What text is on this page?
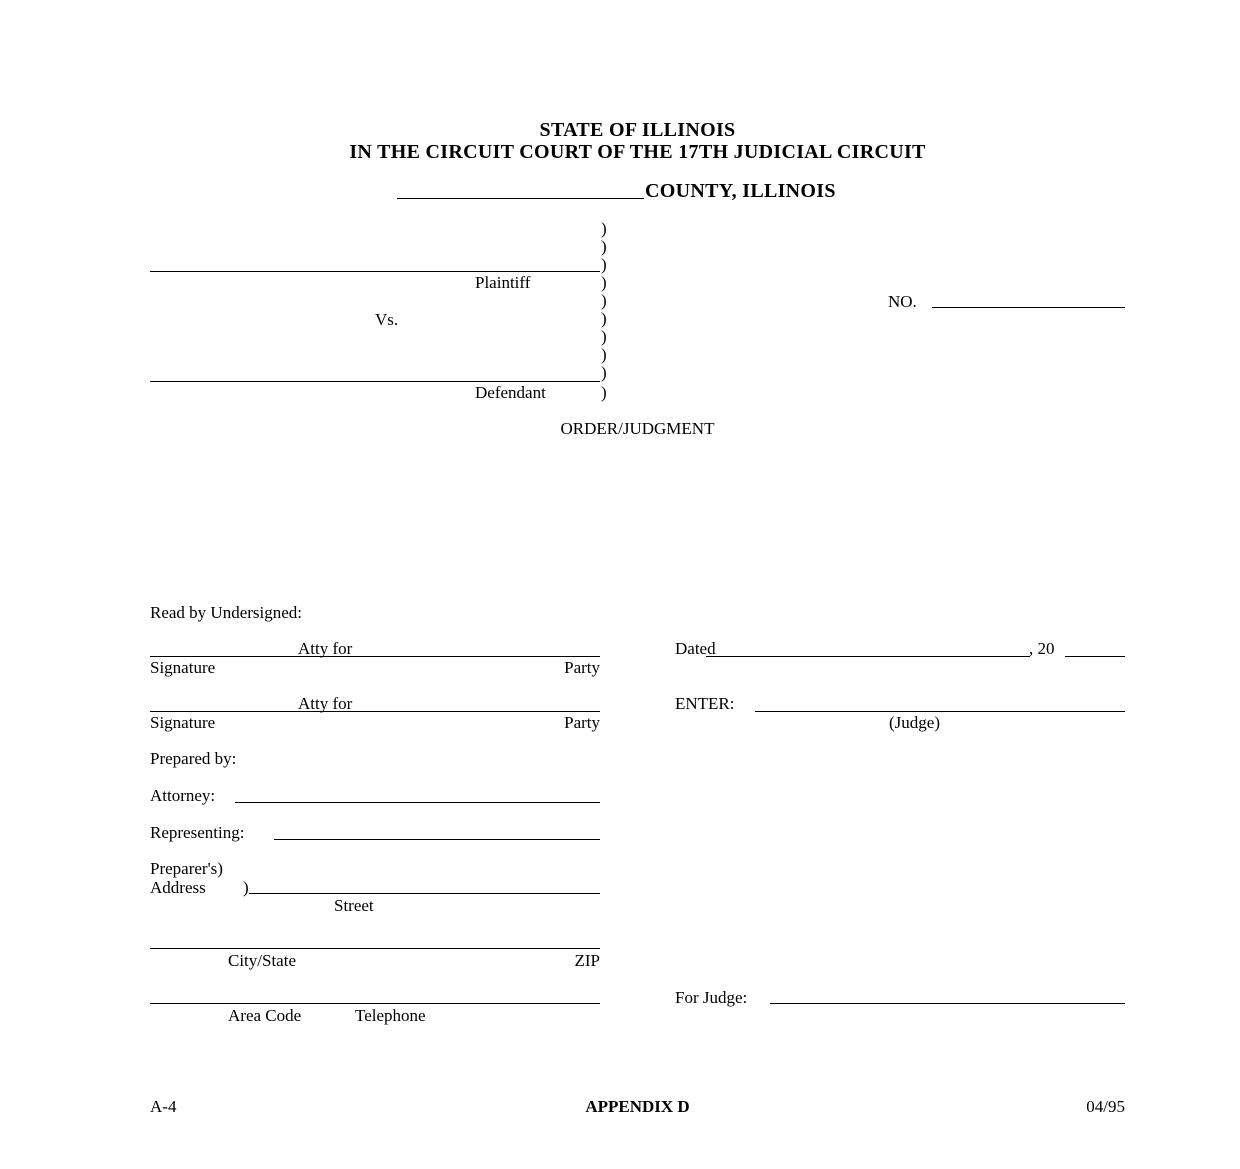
STATE OF ILLINOIS
IN THE CIRCUIT COURT OF THE 17TH JUDICIAL CIRCUIT
COUNTY, ILLINOIS
)
)
)
)
)
)
)
)
)
)
Plaintiff
Vs.
Defendant
NO.
ORDER/JUDGMENT
Read by Undersigned:
Atty for
Signature	Party
Atty for
Signature	Party
Dated	, 20
ENTER:
(Judge)
Prepared by:
Attorney:
Representing:
Preparer's)
Address )
Street
City/State	ZIP
Area Code	Telephone
For Judge:
A-4	APPENDIX D	04/95
